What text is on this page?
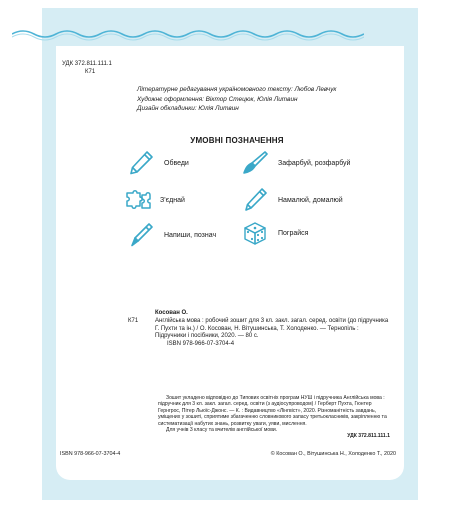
УДК 372.811.111.1
К71
Літературне редагування україномовного тексту: Любов Левчук
Художнє оформлення: Віктор Стецюк, Юлія Литвин
Дизайн обкладинки: Юлія Литвин
УМОВНІ ПОЗНАЧЕННЯ
Обведи	Зафарбуй, розфарбуй
З'єднай	Намалюй, домалюй
Напиши, познач	Пограйся
Косован О.
К71	Англійська мова : робочий зошит для 3 кл. закл. загал. серед. освіти (до підручника Г. Пухти та ін.) / О. Косован, Н. Вітушинська, Т. Холоденко. — Тернопіль : Підручники і посібники, 2020. — 80 с.
ISBN 978-966-07-3704-4

Зошит укладено відповідно до Типових освітніх програм НУШ і підручника Англійська мова : підручник для 3 кл. закл. загал. серед. освіти (з аудіосупроводом) / Герберт Пухта, Гюнтер Гернгрос, Пітер Льюїс-Джонс. — К. : Видавництво «Лінгвіст», 2020. Різноманітність завдань, уміщених у зошиті, сприятиме збагаченню словникового запасу третьокласників, закріпленню та систематизації набутих знань, розвитку уваги, уяви, мислення.

Для учнів 3 класу та вчителів англійської мови.

УДК 372.811.111.1
ISBN 978-966-07-3704-4	© Косован О., Вітушинська Н., Холоденко Т., 2020
